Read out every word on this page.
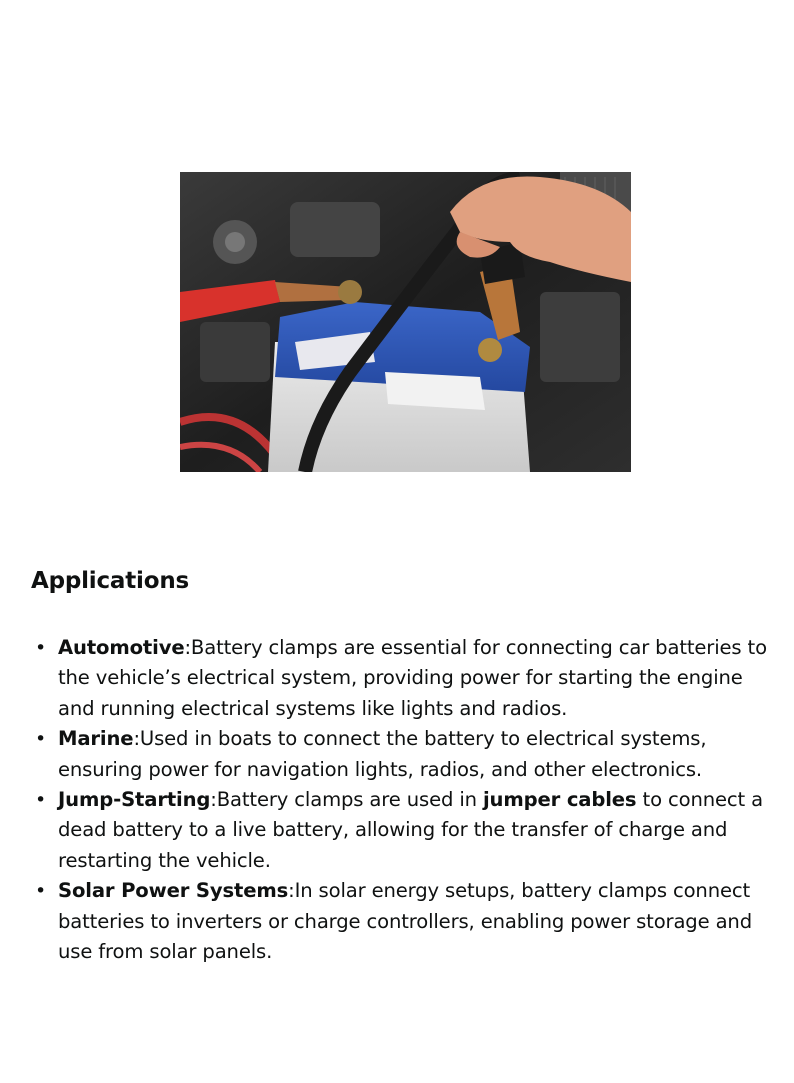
Applications
• Automotive:Battery clamps are essential for connecting car batteries to the vehicle’s electrical system, providing power for starting the engine and running electrical systems like lights and radios.
• Marine:Used in boats to connect the battery to electrical systems, ensuring power for navigation lights, radios, and other electronics.
• Jump-Starting:Battery clamps are used in jumper cables to connect a dead battery to a live battery, allowing for the transfer of charge and restarting the vehicle.
• Solar Power Systems:In solar energy setups, battery clamps connect batteries to inverters or charge controllers, enabling power storage and use from solar panels.
